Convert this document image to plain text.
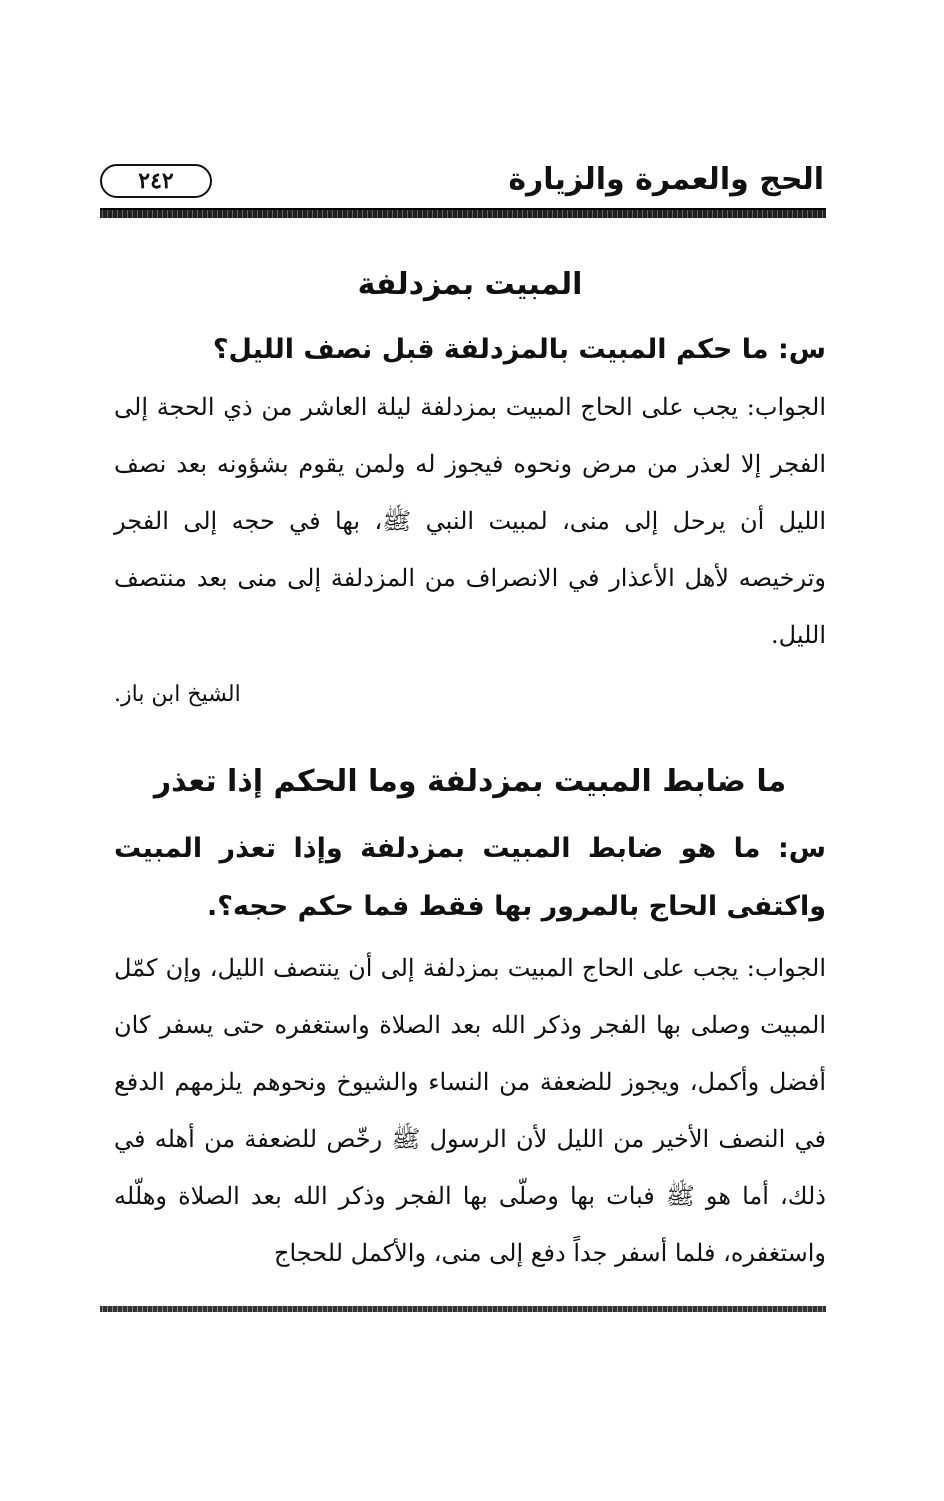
الحج والعمرة والزيارة
٢٤٢
المبيت بمزدلفة

س: ما حكم المبيت بالمزدلفة قبل نصف الليل؟

الجواب: يجب على الحاج المبيت بمزدلفة ليلة العاشر من ذي الحجة إلى الفجر إلا لعذر من مرض ونحوه فيجوز له ولمن يقوم بشؤونه بعد نصف الليل أن يرحل إلى منى، لمبيت النبي ﷺ، بها في حجه إلى الفجر وترخيصه لأهل الأعذار في الانصراف من المزدلفة إلى منى بعد منتصف الليل.

الشيخ ابن باز.

ما ضابط المبيت بمزدلفة وما الحكم إذا تعذر

س: ما هو ضابط المبيت بمزدلفة وإذا تعذر المبيت واكتفى الحاج بالمرور بها فقط فما حكم حجه؟.

الجواب: يجب على الحاج المبيت بمزدلفة إلى أن ينتصف الليل، وإن كمّل المبيت وصلى بها الفجر وذكر الله بعد الصلاة واستغفره حتى يسفر كان أفضل وأكمل، ويجوز للضعفة من النساء والشيوخ ونحوهم يلزمهم الدفع في النصف الأخير من الليل لأن الرسول ﷺ رخّص للضعفة من أهله في ذلك، أما هو ﷺ فبات بها وصلّى بها الفجر وذكر الله بعد الصلاة وهلّله واستغفره، فلما أسفر جداً دفع إلى منى، والأكمل للحجاج
